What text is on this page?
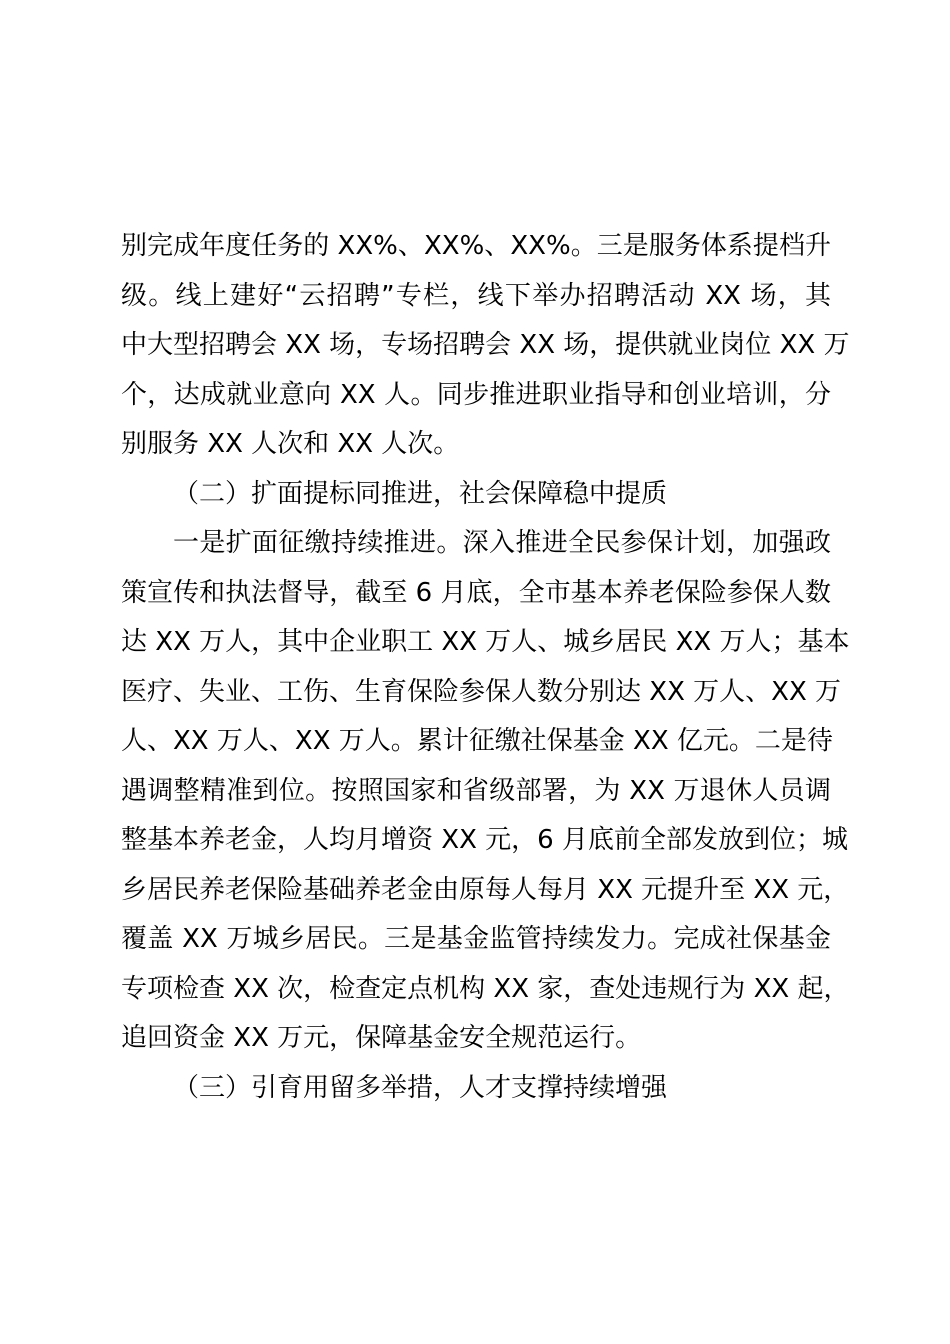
别完成年度任务的 XX%、XX%、XX%。三是服务体系提档升
级。线上建好“云招聘”专栏，线下举办招聘活动 XX 场，其
中大型招聘会 XX 场，专场招聘会 XX 场，提供就业岗位 XX 万
个，达成就业意向 XX 人。同步推进职业指导和创业培训，分
别服务 XX 人次和 XX 人次。
（二）扩面提标同推进，社会保障稳中提质
一是扩面征缴持续推进。深入推进全民参保计划，加强政
策宣传和执法督导，截至 6 月底，全市基本养老保险参保人数
达 XX 万人，其中企业职工 XX 万人、城乡居民 XX 万人；基本
医疗、失业、工伤、生育保险参保人数分别达 XX 万人、XX 万
人、XX 万人、XX 万人。累计征缴社保基金 XX 亿元。二是待
遇调整精准到位。按照国家和省级部署，为 XX 万退休人员调
整基本养老金，人均月增资 XX 元，6 月底前全部发放到位；城
乡居民养老保险基础养老金由原每人每月 XX 元提升至 XX 元，
覆盖 XX 万城乡居民。三是基金监管持续发力。完成社保基金
专项检查 XX 次，检查定点机构 XX 家，查处违规行为 XX 起，
追回资金 XX 万元，保障基金安全规范运行。
（三）引育用留多举措，人才支撑持续增强
